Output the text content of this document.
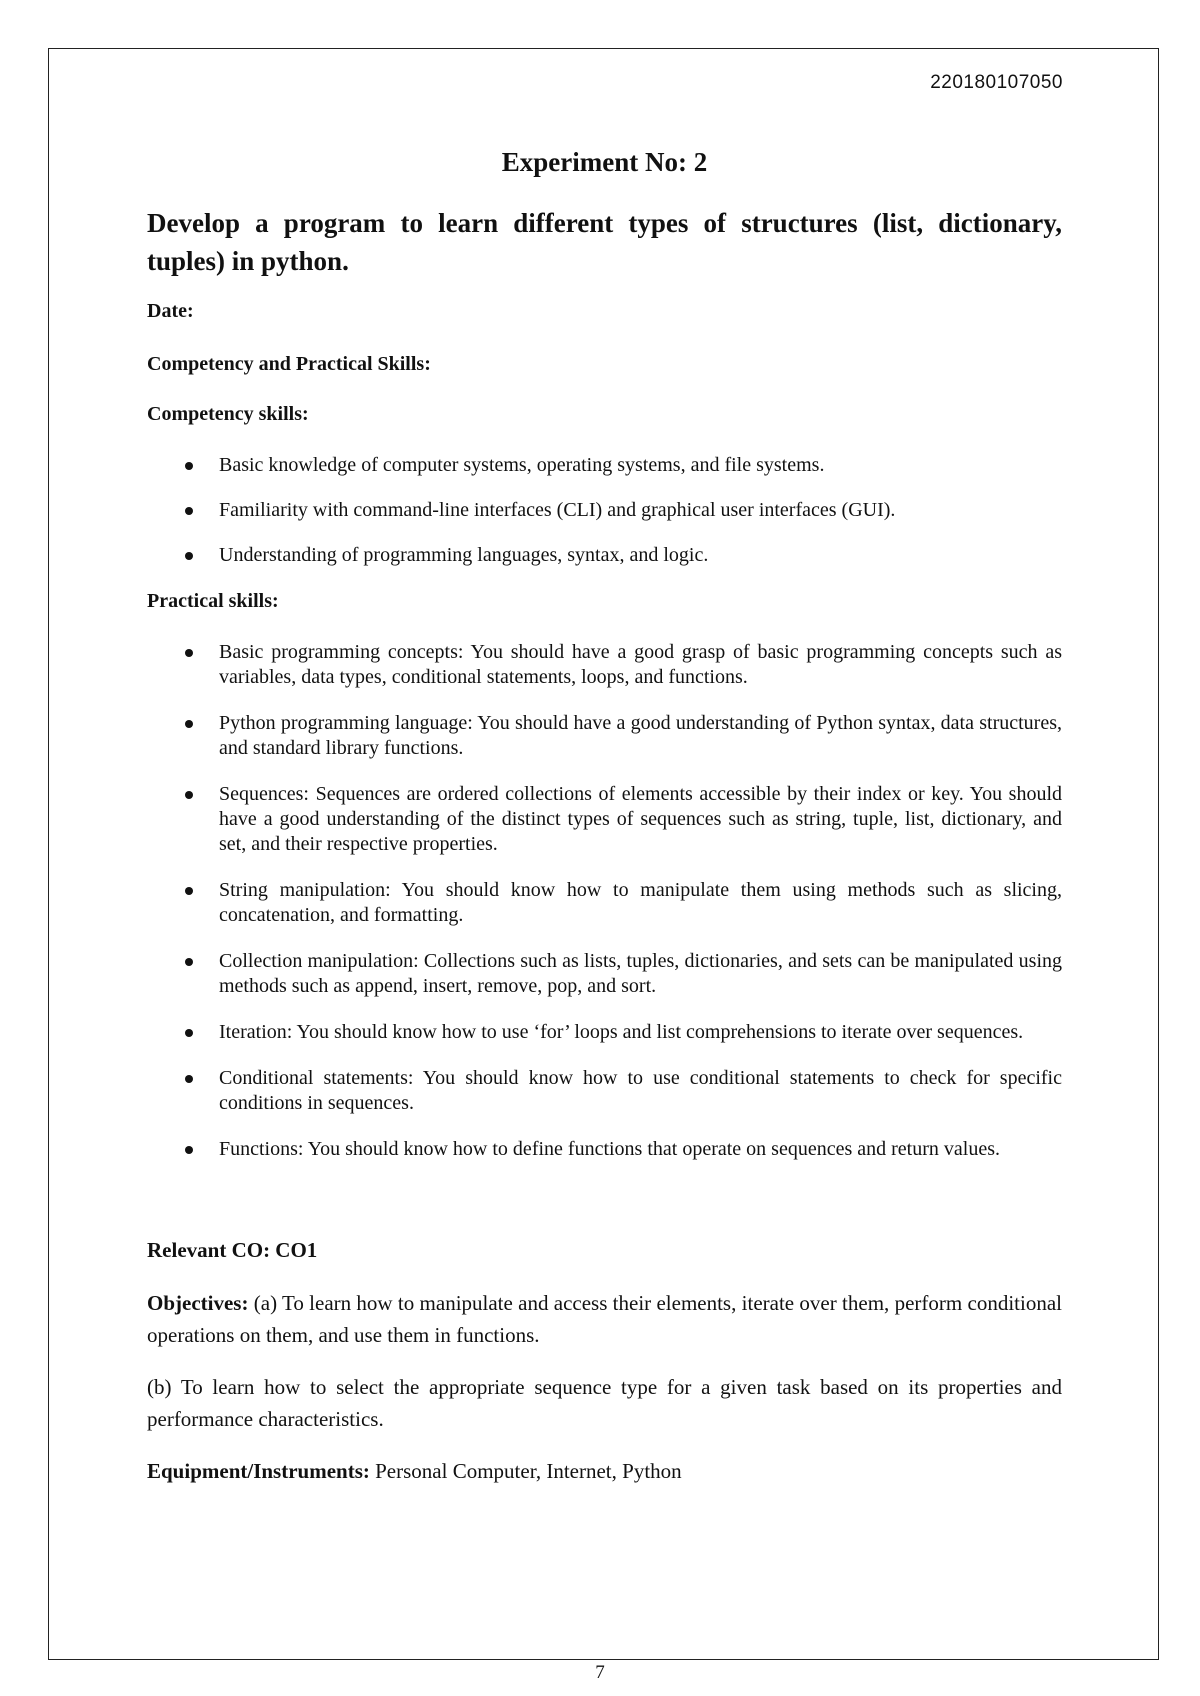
220180107050
Experiment No: 2
Develop a program to learn different types of structures (list, dictionary, tuples) in python.
Date:
Competency and Practical Skills:
Competency skills:
Basic knowledge of computer systems, operating systems, and file systems.
Familiarity with command-line interfaces (CLI) and graphical user interfaces (GUI).
Understanding of programming languages, syntax, and logic.
Practical skills:
Basic programming concepts: You should have a good grasp of basic programming concepts such as variables, data types, conditional statements, loops, and functions.
Python programming language: You should have a good understanding of Python syntax, data structures, and standard library functions.
Sequences: Sequences are ordered collections of elements accessible by their index or key. You should have a good understanding of the distinct types of sequences such as string, tuple, list, dictionary, and set, and their respective properties.
String manipulation: You should know how to manipulate them using methods such as slicing, concatenation, and formatting.
Collection manipulation: Collections such as lists, tuples, dictionaries, and sets can be manipulated using methods such as append, insert, remove, pop, and sort.
Iteration: You should know how to use ‘for’ loops and list comprehensions to iterate over sequences.
Conditional statements: You should know how to use conditional statements to check for specific conditions in sequences.
Functions: You should know how to define functions that operate on sequences and return values.
Relevant CO: CO1
Objectives: (a) To learn how to manipulate and access their elements, iterate over them, perform conditional operations on them, and use them in functions.
(b) To learn how to select the appropriate sequence type for a given task based on its properties and performance characteristics.
Equipment/Instruments: Personal Computer, Internet, Python
7
